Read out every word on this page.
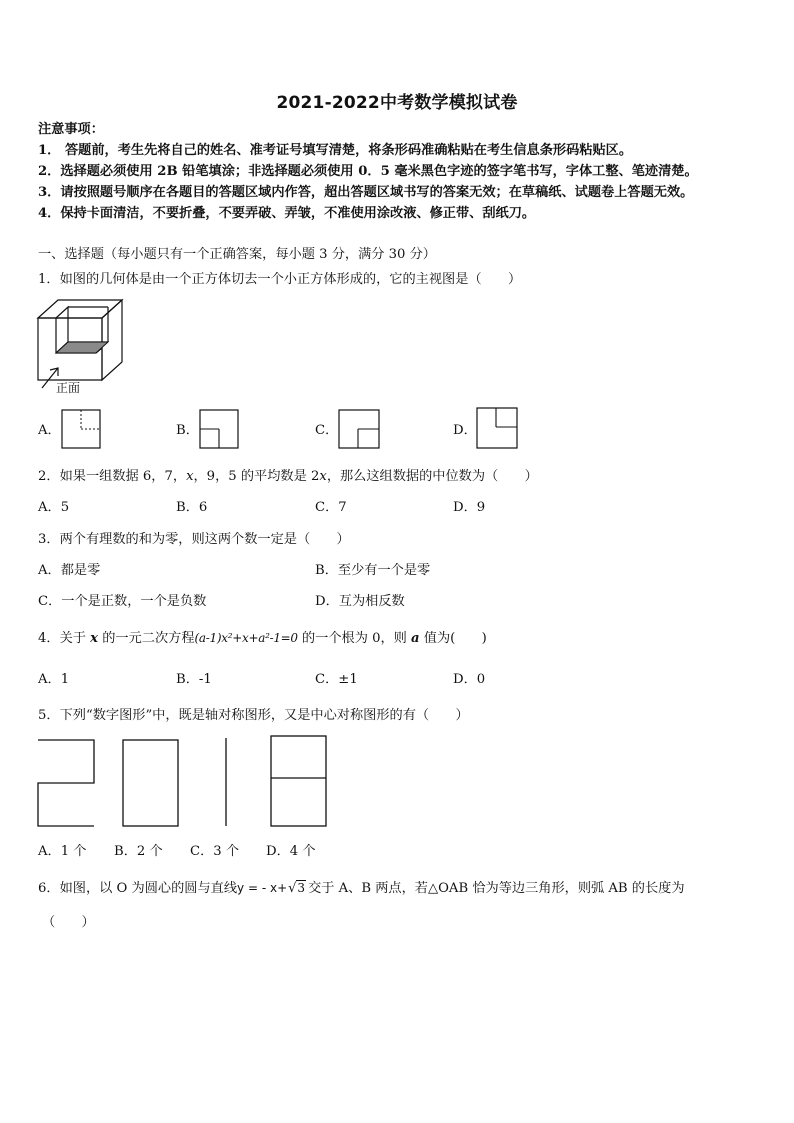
2021-2022中考数学模拟试卷
注意事项：
1． 答题前，考生先将自己的姓名、准考证号填写清楚，将条形码准确粘贴在考生信息条形码粘贴区。
2．选择题必须使用 2B 铅笔填涂；非选择题必须使用 0．5 毫米黑色字迹的签字笔书写，字体工整、笔迹清楚。
3．请按照题号顺序在各题目的答题区域内作答，超出答题区域书写的答案无效；在草稿纸、试题卷上答题无效。
4．保持卡面清洁，不要折叠，不要弄破、弄皱，不准使用涂改液、修正带、刮纸刀。
一、选择题（每小题只有一个正确答案，每小题 3 分，满分 30 分）
1．如图的几何体是由一个正方体切去一个小正方体形成的，它的主视图是（　　）
正面
A．	B．	C．	D．
2．如果一组数据 6，7，x，9，5 的平均数是 2x，那么这组数据的中位数为（　　）
A．5	B．6	C．7	D．9
3．两个有理数的和为零，则这两个数一定是（　　）
A．都是零	B．至少有一个是零
C．一个是正数，一个是负数	D．互为相反数
4．关于 x 的一元二次方程(a-1)x²+x+a²-1=0 的一个根为 0，则 a 值为(　　)
A．1	B．-1	C．±1	D．0
5．下列“数字图形”中，既是轴对称图形，又是中心对称图形的有（　　）
A．1 个 B．2 个 C．3 个 D．4 个
6．如图，以 O 为圆心的圆与直线y = - x+√3 交于 A、B 两点，若△OAB 恰为等边三角形，则弧 AB 的长度为
（　　）
